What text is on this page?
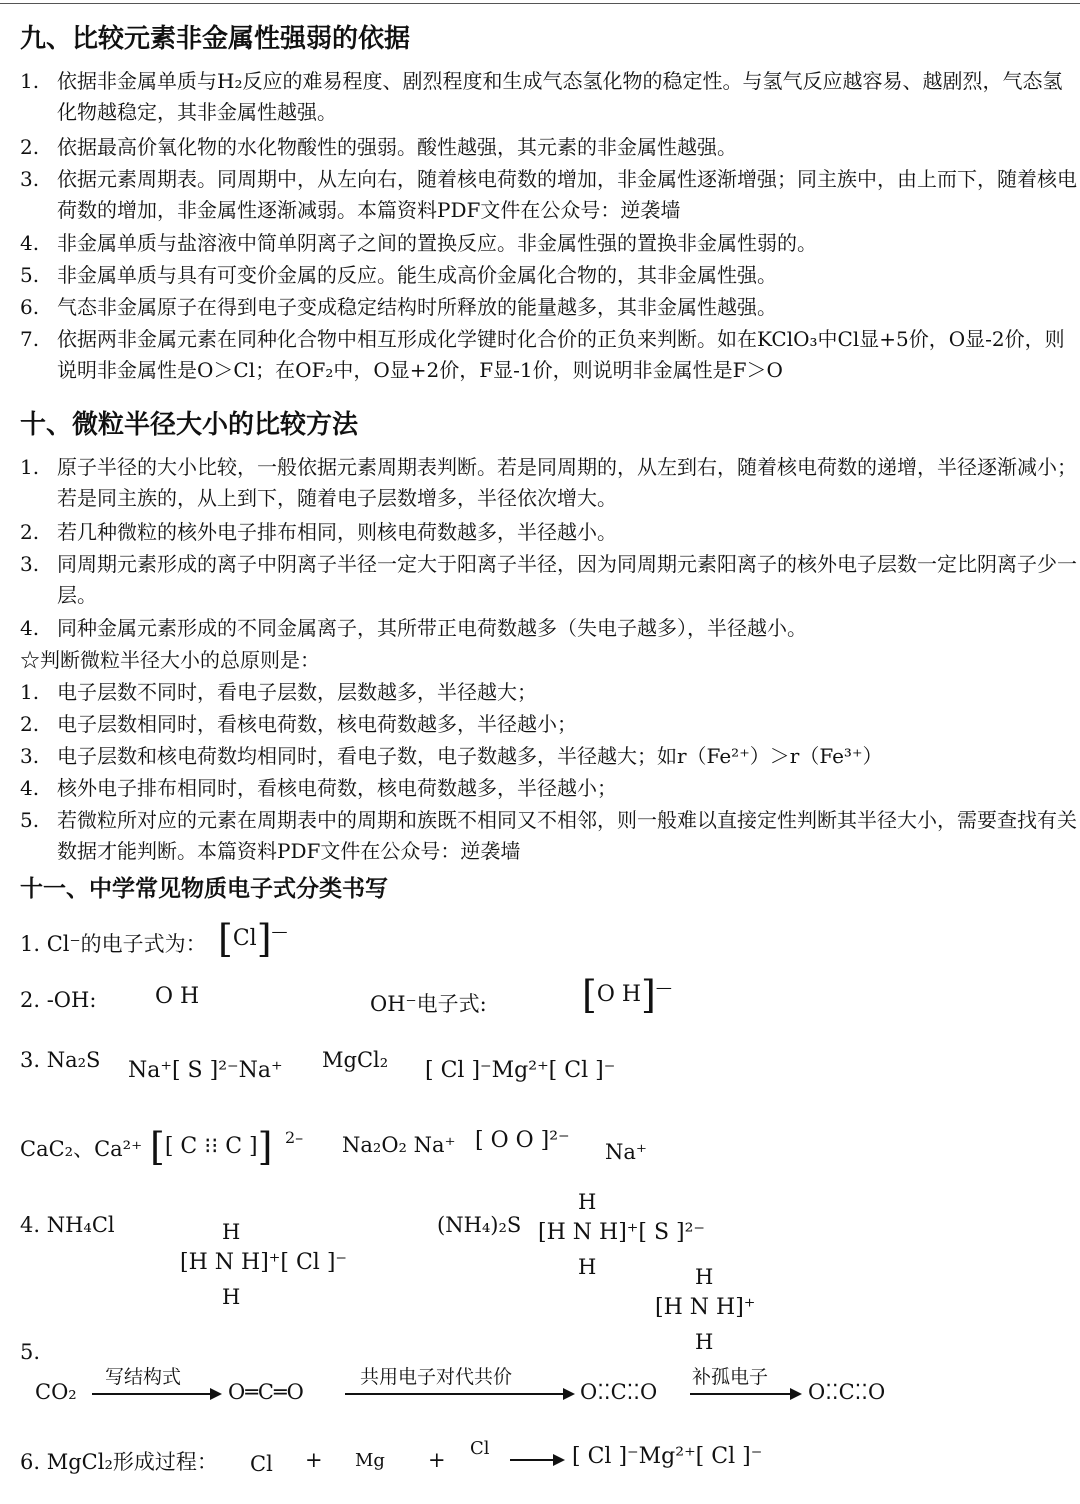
九、比较元素非金属性强弱的依据
1. 依据非金属单质与H₂反应的难易程度、剧烈程度和生成气态氢化物的稳定性。与氢气反应越容易、越剧烈，气态氢化物越稳定，其非金属性越强。
2. 依据最高价氧化物的水化物酸性的强弱。酸性越强，其元素的非金属性越强。
3. 依据元素周期表。同周期中，从左向右，随着核电荷数的增加，非金属性逐渐增强；同主族中，由上而下，随着核电荷数的增加，非金属性逐渐减弱。本篇资料PDF文件在公众号：逆袭墙
4. 非金属单质与盐溶液中简单阴离子之间的置换反应。非金属性强的置换非金属性弱的。
5. 非金属单质与具有可变价金属的反应。能生成高价金属化合物的，其非金属性强。
6. 气态非金属原子在得到电子变成稳定结构时所释放的能量越多，其非金属性越强。
7. 依据两非金属元素在同种化合物中相互形成化学键时化合价的正负来判断。如在KClO₃中Cl显+5价，O显-2价，则说明非金属性是O＞Cl；在OF₂中，O显+2价，F显-1价，则说明非金属性是F＞O
十、微粒半径大小的比较方法
1. 原子半径的大小比较，一般依据元素周期表判断。若是同周期的，从左到右，随着核电荷数的递增，半径逐渐减小；若是同主族的，从上到下，随着电子层数增多，半径依次增大。
2. 若几种微粒的核外电子排布相同，则核电荷数越多，半径越小。
3. 同周期元素形成的离子中阴离子半径一定大于阳离子半径，因为同周期元素阳离子的核外电子层数一定比阴离子少一层。
4. 同种金属元素形成的不同金属离子，其所带正电荷数越多（失电子越多），半径越小。
☆判断微粒半径大小的总原则是：
1. 电子层数不同时，看电子层数，层数越多，半径越大；
2. 电子层数相同时，看核电荷数，核电荷数越多，半径越小；
3. 电子层数和核电荷数均相同时，看电子数，电子数越多，半径越大；如r（Fe²⁺）＞r（Fe³⁺）
4. 核外电子排布相同时，看核电荷数，核电荷数越多，半径越小；
5. 若微粒所对应的元素在周期表中的周期和族既不相同又不相邻，则一般难以直接定性判断其半径大小，需要查找有关数据才能判断。本篇资料PDF文件在公众号：逆袭墙
十一、中学常见物质电子式分类书写
1. Cl⁻的电子式为： [Cl]—
2. -OH:	O H	OH⁻电子式:	[O H]—
3. Na₂S Na⁺[ S ]²⁻Na⁺ MgCl₂ [ Cl ]⁻Mg²⁺[ Cl ]⁻
CaC₂、Ca²⁺ [[ C ⁝⁝ C ]] 2– Na₂O₂ Na⁺ [ O O ]²⁻ Na⁺
4. NH₄Cl	H
[H N H]⁺[ Cl ]⁻
H
(NH₄)₂S
H
[H N H]⁺[ S ]²⁻
H	H
[H N H]⁺
H
5.
CO₂
写结构式
O═C═O
共用电子对代共价
O⁚⁚C⁚⁚O
补孤电子
O⁚⁚C⁚⁚O
6. MgCl₂形成过程： Cl + Mg + Cl	[ Cl ]⁻Mg²⁺[ Cl ]⁻
